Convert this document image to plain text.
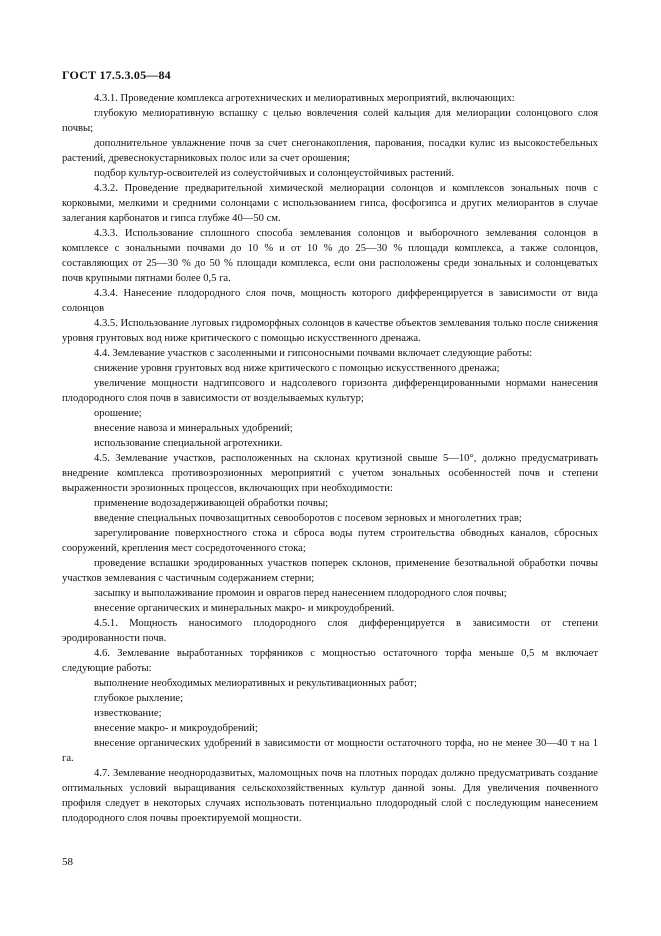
ГОСТ 17.5.3.05—84

4.3.1. Проведение комплекса агротехнических и мелиоративных мероприятий, включающих:

глубокую мелиоративную вспашку с целью вовлечения солей кальция для мелиорации солонцового слоя почвы;

дополнительное увлажнение почв за счет снегонакопления, парования, посадки кулис из высокостебельных растений, древеснокустарниковых полос или за счет орошения;

подбор культур-освоителей из солеустойчивых и солонцеустойчивых растений.

4.3.2. Проведение предварительной химической мелиорации солонцов и комплексов зональных почв с корковыми, мелкими и средними солонцами с использованием гипса, фосфогипса и других мелиорантов в случае залегания карбонатов и гипса глубже 40—50 см.

4.3.3. Использование сплошного способа землевания солонцов и выборочного землевания солонцов в комплексе с зональными почвами до 10 % и от 10 % до 25—30 % площади комплекса, а также солонцов, составляющих от 25—30 % до 50 % площади комплекса, если они расположены среди зональных и солонцеватых почв крупными пятнами более 0,5 га.

4.3.4. Нанесение плодородного слоя почв, мощность которого дифференцируется в зависимости от вида солонцов

4.3.5. Использование луговых гидроморфных солонцов в качестве объектов землевания только после снижения уровня грунтовых вод ниже критического с помощью искусственного дренажа.

4.4. Землевание участков с засоленными и гипсоносными почвами включает следующие работы:

снижение уровня грунтовых вод ниже критического с помощью искусственного дренажа;

увеличение мощности надгипсового и надсолевого горизонта дифференцированными нормами нанесения плодородного слоя почв в зависимости от возделываемых культур;

орошение;

внесение навоза и минеральных удобрений;

использование специальной агротехники.

4.5. Землевание участков, расположенных на склонах крутизной свыше 5—10°, должно предусматривать внедрение комплекса противоэрозионных мероприятий с учетом зональных особенностей почв и степени выраженности эрозионных процессов, включающих при необходимости:

применение водозадерживающей обработки почвы;

введение специальных почвозащитных севооборотов с посевом зерновых и многолетних трав;

зарегулирование поверхностного стока и сброса воды путем строительства обводных каналов, сбросных сооружений, крепления мест сосредоточенного стока;

проведение вспашки эродированных участков поперек склонов, применение безотвальной обработки почвы участков землевания с частичным содержанием стерни;

засыпку и выполаживание промоин и оврагов перед нанесением плодородного слоя почвы;

внесение органических и минеральных макро- и микроудобрений.

4.5.1. Мощность наносимого плодородного слоя дифференцируется в зависимости от степени эродированности почв.

4.6. Землевание выработанных торфяников с мощностью остаточного торфа меньше 0,5 м включает следующие работы:

выполнение необходимых мелиоративных и рекультивационных работ;

глубокое рыхление;

известкование;

внесение макро- и микроудобрений;

внесение органических удобрений в зависимости от мощности остаточного торфа, но не менее 30—40 т на 1 га.

4.7. Землевание неоднородазвитых, маломощных почв на плотных породах должно предусматривать создание оптимальных условий выращивания сельскохозяйственных культур данной зоны. Для увеличения почвенного профиля следует в некоторых случаях использовать потенциально плодородный слой с последующим нанесением плодородного слоя почвы проектируемой мощности.

58
